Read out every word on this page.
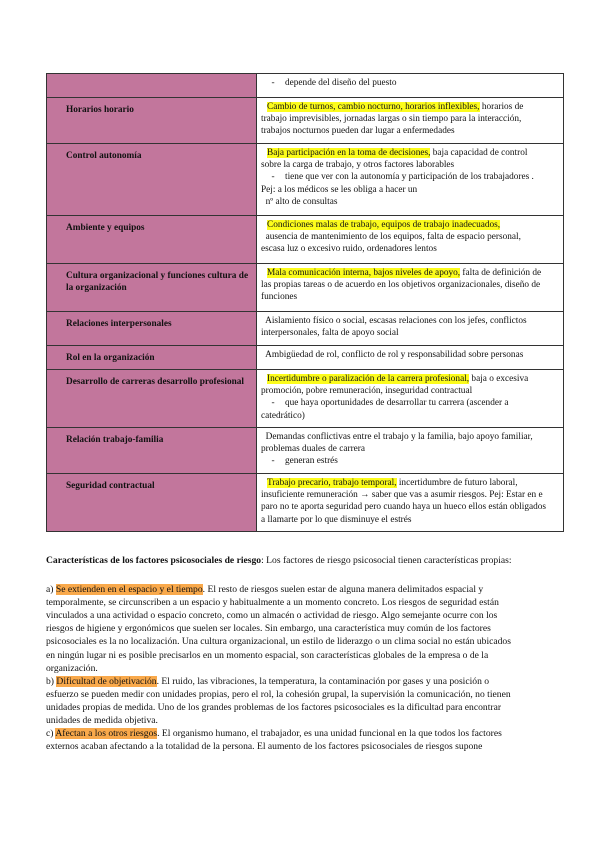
	- depende del diseño del puesto

Horarios horario	Cambio de turnos, cambio nocturno, horarios inflexibles, horarios de
trabajo imprevisibles, jornadas largas o sin tiempo para la interacción,
trabajos nocturnos pueden dar lugar a enfermedades

Control autonomía	Baja participación en la toma de decisiones, baja capacidad de control
sobre la carga de trabajo, y otros factores laborables
- tiene que ver con la autonomía y participación de los trabajadores .
Pej: a los médicos se les obliga a hacer un
nº alto de consultas

Ambiente y equipos	Condiciones malas de trabajo, equipos de trabajo inadecuados,
ausencia de mantenimiento de los equipos, falta de espacio personal,
escasa luz o excesivo ruido, ordenadores lentos

Cultura organizacional y funciones cultura de la organización	Mala comunicación interna, bajos niveles de apoyo, falta de definición de
las propias tareas o de acuerdo en los objetivos organizacionales, diseño de
funciones

Relaciones interpersonales	Aislamiento físico o social, escasas relaciones con los jefes, conflictos
interpersonales, falta de apoyo social

Rol en la organización	Ambigüedad de rol, conflicto de rol y responsabilidad sobre personas

Desarrollo de carreras desarrollo profesional	Incertidumbre o paralización de la carrera profesional, baja o excesiva
promoción, pobre remuneración, inseguridad contractual
- que haya oportunidades de desarrollar tu carrera (ascender a
catedrático)

Relación trabajo-familia	Demandas conflictivas entre el trabajo y la familia, bajo apoyo familiar,
problemas duales de carrera
- generan estrés

Seguridad contractual	Trabajo precario, trabajo temporal, incertidumbre de futuro laboral,
insuficiente remuneración → saber que vas a asumir riesgos. Pej: Estar en e
paro no te aporta seguridad pero cuando haya un hueco ellos están obligados
a llamarte por lo que disminuye el estrés
Características de los factores psicosociales de riesgo: Los factores de riesgo psicosocial tienen características propias:
a) Se extienden en el espacio y el tiempo. El resto de riesgos suelen estar de alguna manera delimitados espacial y
temporalmente, se circunscriben a un espacio y habitualmente a un momento concreto. Los riesgos de seguridad están
vinculados a una actividad o espacio concreto, como un almacén o actividad de riesgo. Algo semejante ocurre con los
riesgos de higiene y ergonómicos que suelen ser locales. Sin embargo, una característica muy común de los factores
psicosociales es la no localización. Una cultura organizacional, un estilo de liderazgo o un clima social no están ubicados
en ningún lugar ni es posible precisarlos en un momento espacial, son características globales de la empresa o de la
organización.
b) Dificultad de objetivación. El ruido, las vibraciones, la temperatura, la contaminación por gases y una posición o
esfuerzo se pueden medir con unidades propias, pero el rol, la cohesión grupal, la supervisión la comunicación, no tienen
unidades propias de medida. Uno de los grandes problemas de los factores psicosociales es la dificultad para encontrar
unidades de medida objetiva.
c) Afectan a los otros riesgos. El organismo humano, el trabajador, es una unidad funcional en la que todos los factores
externos acaban afectando a la totalidad de la persona. El aumento de los factores psicosociales de riesgos supone
